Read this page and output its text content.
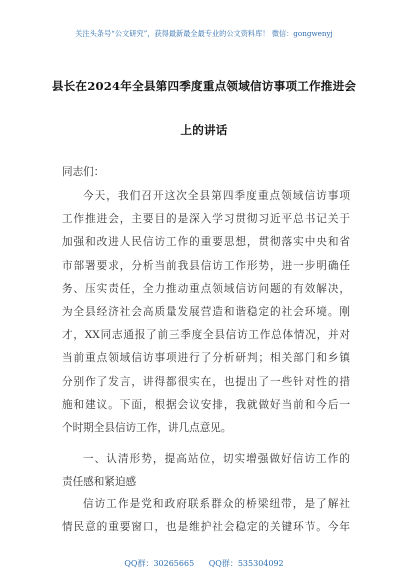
关注头条号“公文研究”，获得最新最全最专业的公文资料库！ 微信：gongwenyj
县长在2024年全县第四季度重点领域信访事项工作推进会
上的讲话
同志们：
今天，我们召开这次全县第四季度重点领域信访事项
工作推进会，主要目的是深入学习贯彻习近平总书记关于
加强和改进人民信访工作的重要思想，贯彻落实中央和省
市部署要求，分析当前我县信访工作形势，进一步明确任
务、压实责任，全力推动重点领域信访问题的有效解决，
为全县经济社会高质量发展营造和谐稳定的社会环境。刚
才，XX同志通报了前三季度全县信访工作总体情况，并对
当前重点领域信访事项进行了分析研判；相关部门和乡镇
分别作了发言，讲得都很实在，也提出了一些针对性的措
施和建议。下面，根据会议安排，我就做好当前和今后一
个时期全县信访工作，讲几点意见。
一、认清形势，提高站位，切实增强做好信访工作的
责任感和紧迫感
信访工作是党和政府联系群众的桥梁纽带，是了解社
情民意的重要窗口，也是维护社会稳定的关键环节。今年
QQ群：30265665 QQ群：535304092
